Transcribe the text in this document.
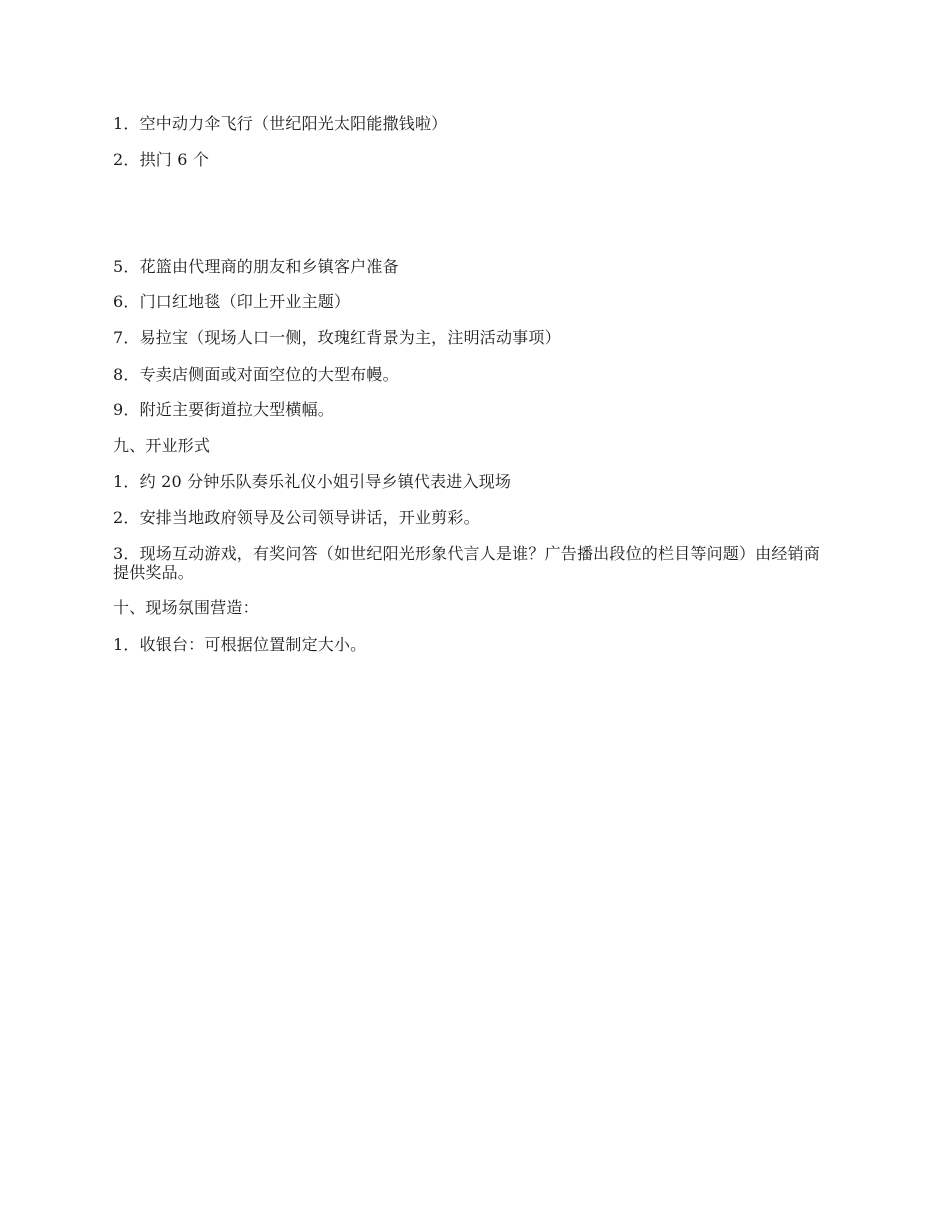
1．空中动力伞飞行（世纪阳光太阳能撒钱啦）

2．拱门 6 个

5．花篮由代理商的朋友和乡镇客户准备

6．门口红地毯（印上开业主题）

7．易拉宝（现场人口一侧，玫瑰红背景为主，注明活动事项）

8．专卖店侧面或对面空位的大型布幔。

9．附近主要街道拉大型横幅。

九、开业形式

1．约 20 分钟乐队奏乐礼仪小姐引导乡镇代表进入现场

2．安排当地政府领导及公司领导讲话，开业剪彩。

3．现场互动游戏，有奖问答（如世纪阳光形象代言人是谁？广告播出段位的栏目等问题）由经销商提供奖品。

十、现场氛围营造：

1．收银台：可根据位置制定大小。
